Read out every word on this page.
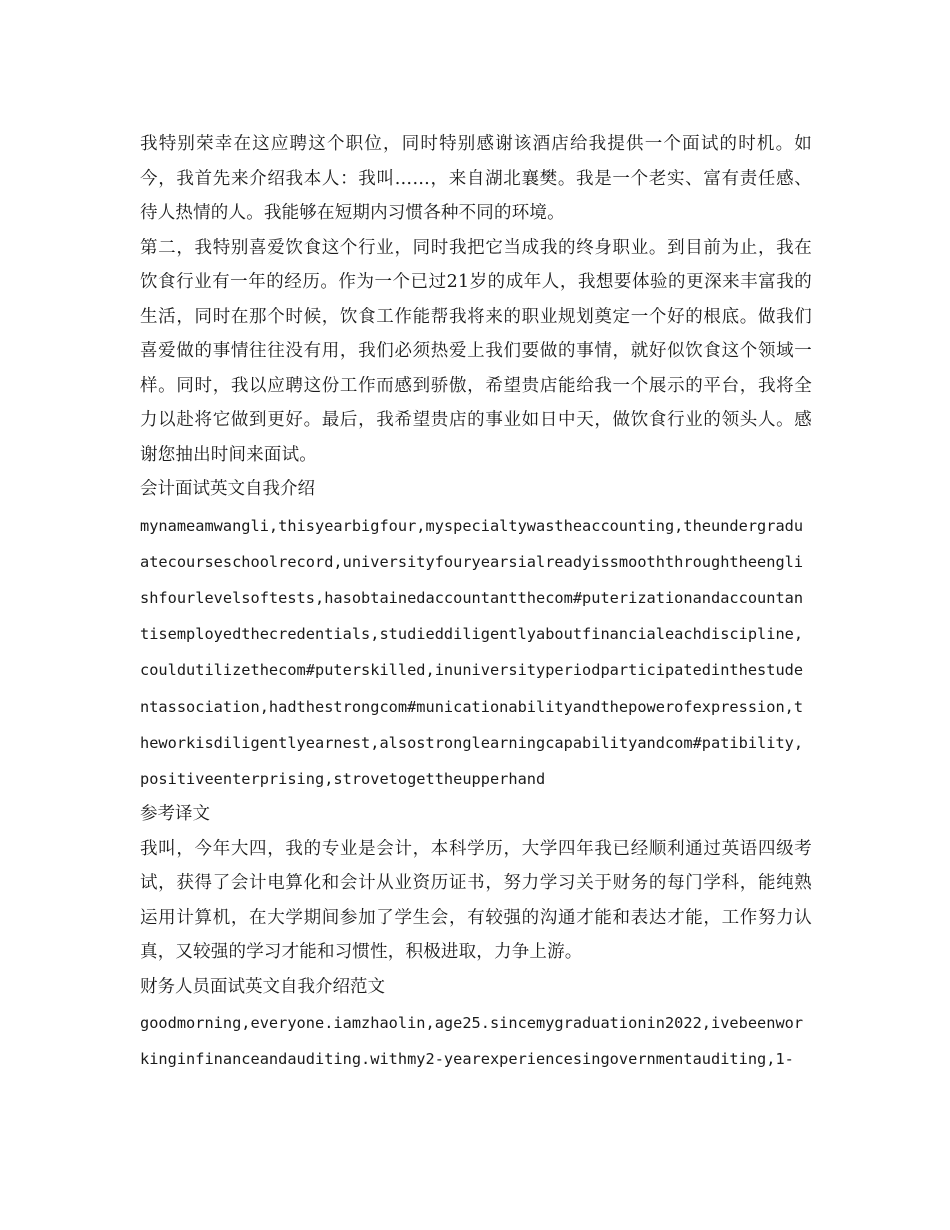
我特别荣幸在这应聘这个职位，同时特别感谢该酒店给我提供一个面试的时机。如今，我首先来介绍我本人：我叫……，来自湖北襄樊。我是一个老实、富有责任感、待人热情的人。我能够在短期内习惯各种不同的环境。

第二，我特别喜爱饮食这个行业，同时我把它当成我的终身职业。到目前为止，我在饮食行业有一年的经历。作为一个已过21岁的成年人，我想要体验的更深来丰富我的生活，同时在那个时候，饮食工作能帮我将来的职业规划奠定一个好的根底。做我们喜爱做的事情往往没有用，我们必须热爱上我们要做的事情，就好似饮食这个领域一样。同时，我以应聘这份工作而感到骄傲，希望贵店能给我一个展示的平台，我将全力以赴将它做到更好。最后，我希望贵店的事业如日中天，做饮食行业的领头人。感谢您抽出时间来面试。

会计面试英文自我介绍

mynameamwangli,thisyearbigfour,myspecialtywastheaccounting,theundergraduatecourseschoolrecord,universityfouryearsialreadyissmooththroughtheenglishfourlevelsoftests,hasobtainedaccountantthecom#puterizationandaccountantisemployedthecredentials,studieddiligentlyaboutfinancialeachdiscipline,couldutilizethecom#puterskilled,inuniversityperiodparticipatedinthestudentassociation,hadthestrongcom#municationabilityandthepowerofexpression,theworkisdiligentlyearnest,alsostronglearningcapabilityandcom#patibility,positiveenterprising,strovetogettheupperhand

参考译文

我叫，今年大四，我的专业是会计，本科学历，大学四年我已经顺利通过英语四级考试，获得了会计电算化和会计从业资历证书，努力学习关于财务的每门学科，能纯熟运用计算机，在大学期间参加了学生会，有较强的沟通才能和表达才能，工作努力认真，又较强的学习才能和习惯性，积极进取，力争上游。

财务人员面试英文自我介绍范文

goodmorning,everyone.iamzhaolin,age25.sincemygraduationin2022,ivebeenworkinginfinanceandauditing.withmy2-yearexperiencesingovernmentauditing,1-
